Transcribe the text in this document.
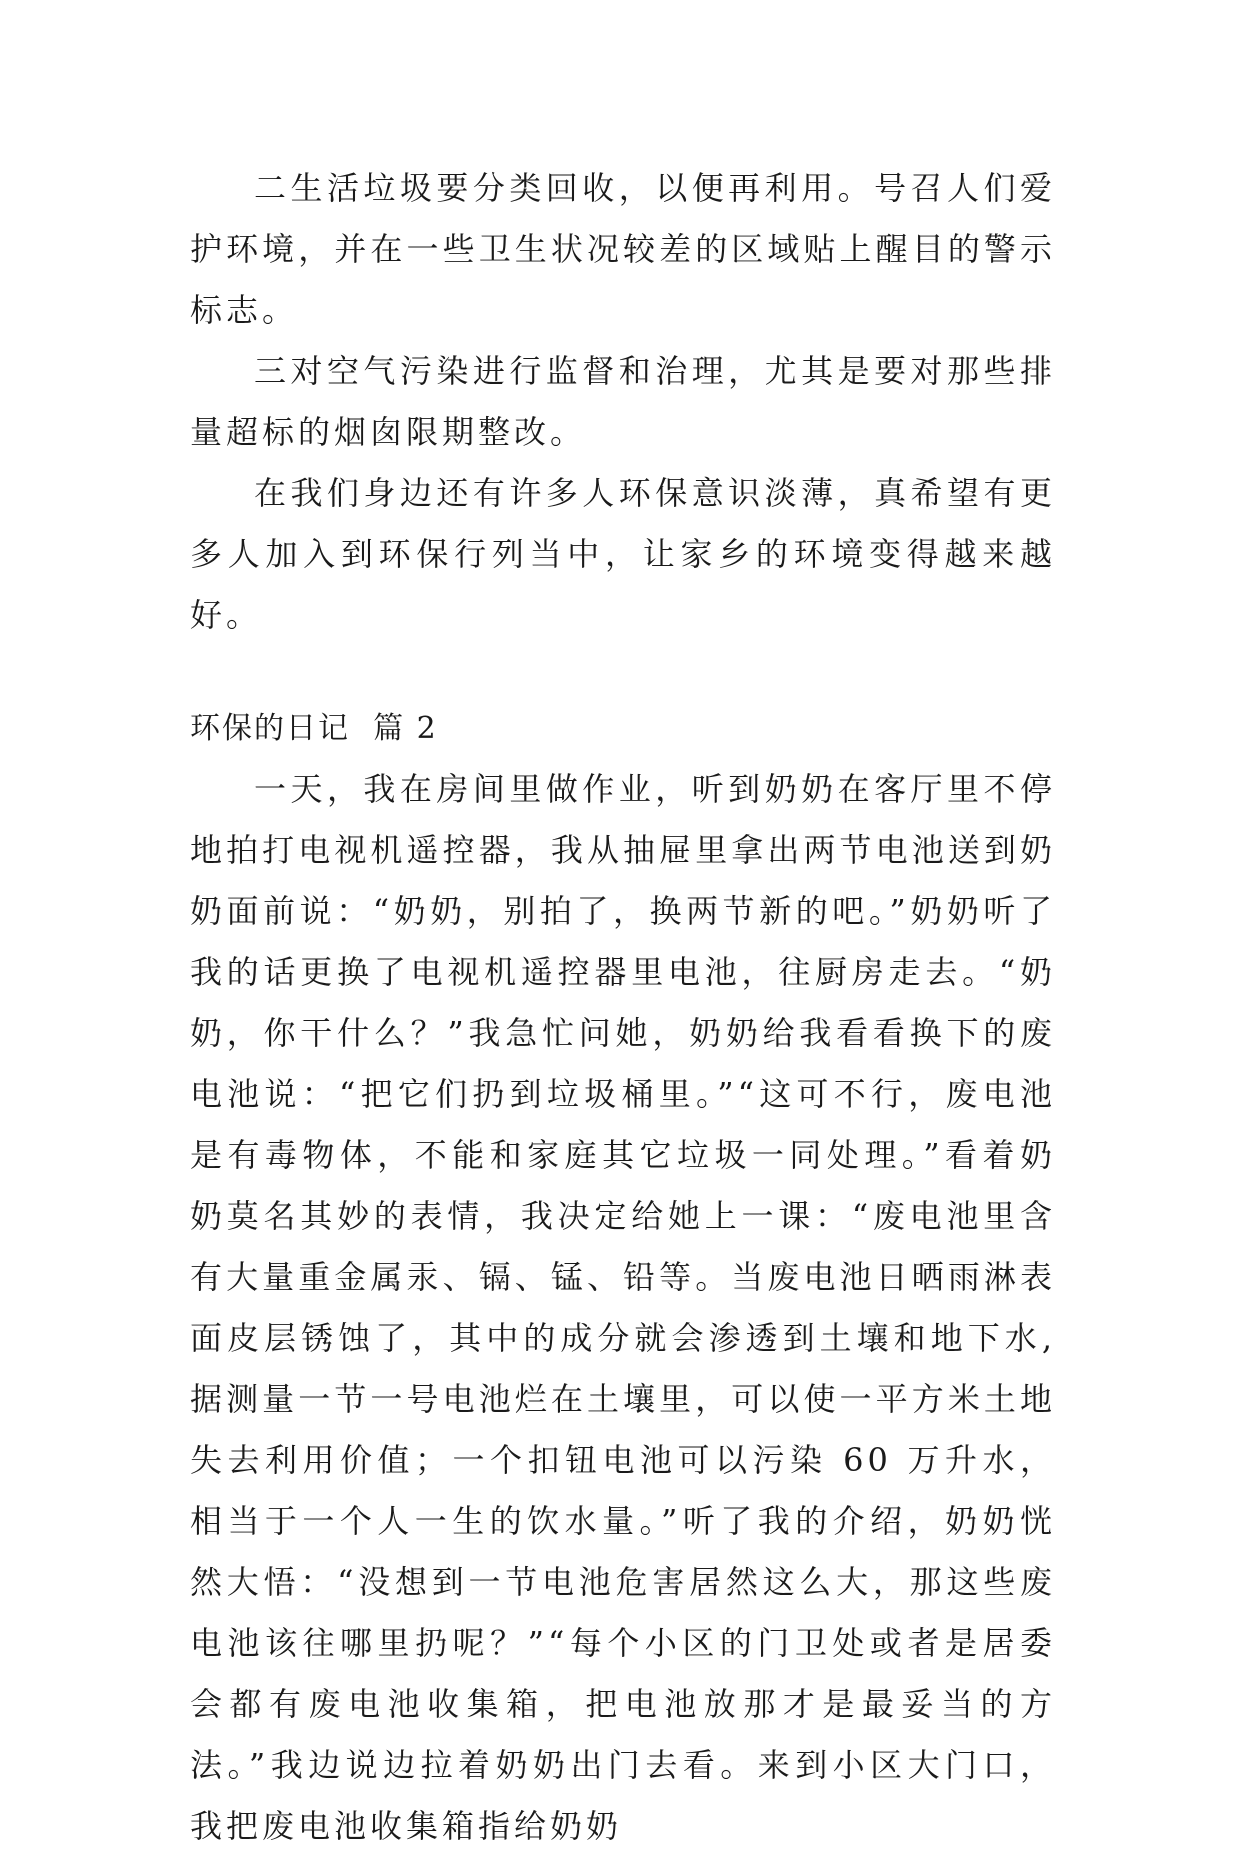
二生活垃圾要分类回收，以便再利用。号召人们爱护环境，并在一些卫生状况较差的区域贴上醒目的警示标志。

三对空气污染进行监督和治理，尤其是要对那些排量超标的烟囱限期整改。

在我们身边还有许多人环保意识淡薄，真希望有更多人加入到环保行列当中，让家乡的环境变得越来越好。

环保的日记  篇 2

一天，我在房间里做作业，听到奶奶在客厅里不停地拍打电视机遥控器，我从抽屉里拿出两节电池送到奶奶面前说：“奶奶，别拍了，换两节新的吧。”奶奶听了我的话更换了电视机遥控器里电池，往厨房走去。“奶奶，你干什么？”我急忙问她，奶奶给我看看换下的废电池说：“把它们扔到垃圾桶里。”“这可不行，废电池是有毒物体，不能和家庭其它垃圾一同处理。”看着奶奶莫名其妙的表情，我决定给她上一课：“废电池里含有大量重金属汞、镉、锰、铅等。当废电池日晒雨淋表面皮层锈蚀了，其中的成分就会渗透到土壤和地下水,据测量一节一号电池烂在土壤里，可以使一平方米土地失去利用价值；一个扣钮电池可以污染 60 万升水，相当于一个人一生的饮水量。”听了我的介绍，奶奶恍然大悟：“没想到一节电池危害居然这么大，那这些废电池该往哪里扔呢？”“每个小区的门卫处或者是居委会都有废电池收集箱，把电池放那才是最妥当的方法。”我边说边拉着奶奶出门去看。来到小区大门口，我把废电池收集箱指给奶奶
